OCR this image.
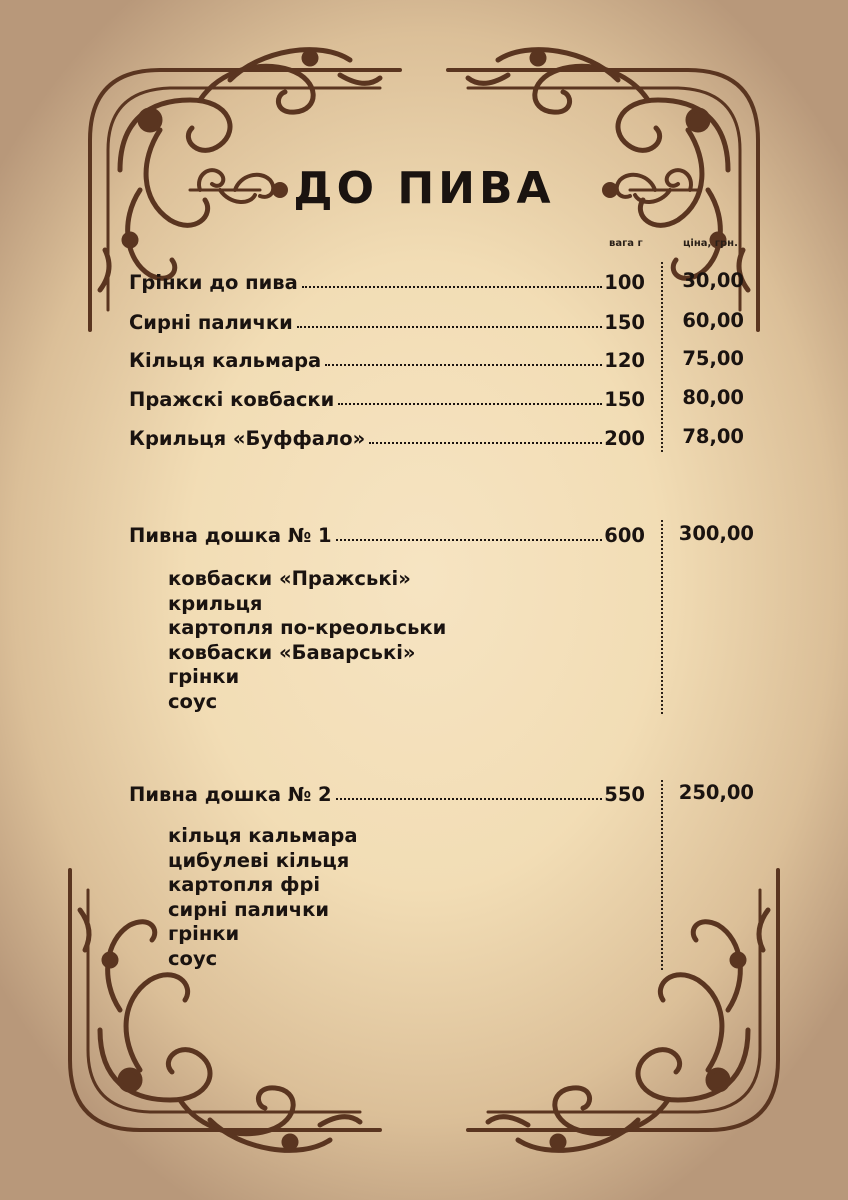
ДО ПИВА
вага г	ціна, грн.
Грінки до пива	100	30,00
Сирні палички	150	60,00
Кільця кальмара	120	75,00
Пражскі ковбаски	150	80,00
Крильця «Буффало»	200	78,00
Пивна дошка № 1	600	300,00
ковбаски «Пражські»
крильця
картопля по-креольськи
ковбаски «Баварські»
грінки
соус
Пивна дошка № 2	550	250,00
кільця кальмара
цибулеві кільця
картопля фрі
сирні палички
грінки
соус
